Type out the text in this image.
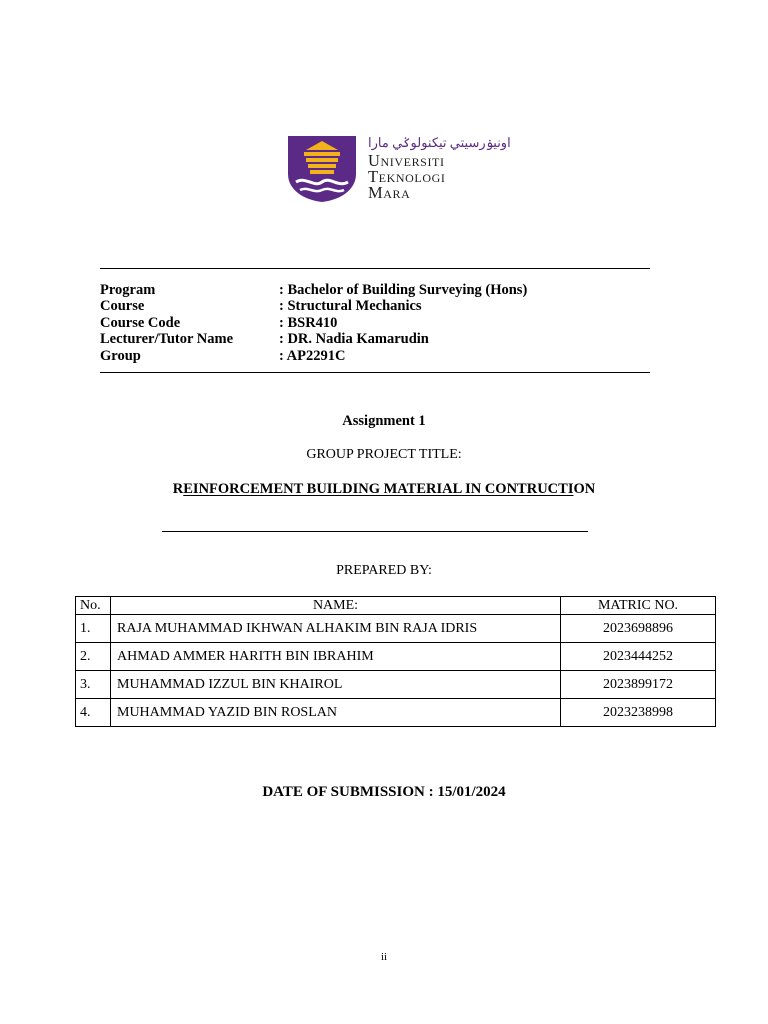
اونيۏرسيتي تيكنولوݢي مارا
Universiti
Teknologi
Mara
Program	: Bachelor of Building Surveying (Hons)
Course	: Structural Mechanics
Course Code	: BSR410
Lecturer/Tutor Name	: DR. Nadia Kamarudin
Group	: AP2291C
Assignment 1
GROUP PROJECT TITLE:
REINFORCEMENT BUILDING MATERIAL IN CONTRUCTION
PREPARED BY:
No.	NAME:	MATRIC NO.
1.	RAJA MUHAMMAD IKHWAN ALHAKIM BIN RAJA IDRIS	2023698896
2.	AHMAD AMMER HARITH BIN IBRAHIM	2023444252
3.	MUHAMMAD IZZUL BIN KHAIROL	2023899172
4.	MUHAMMAD YAZID BIN ROSLAN	2023238998
DATE OF SUBMISSION : 15/01/2024
ii
